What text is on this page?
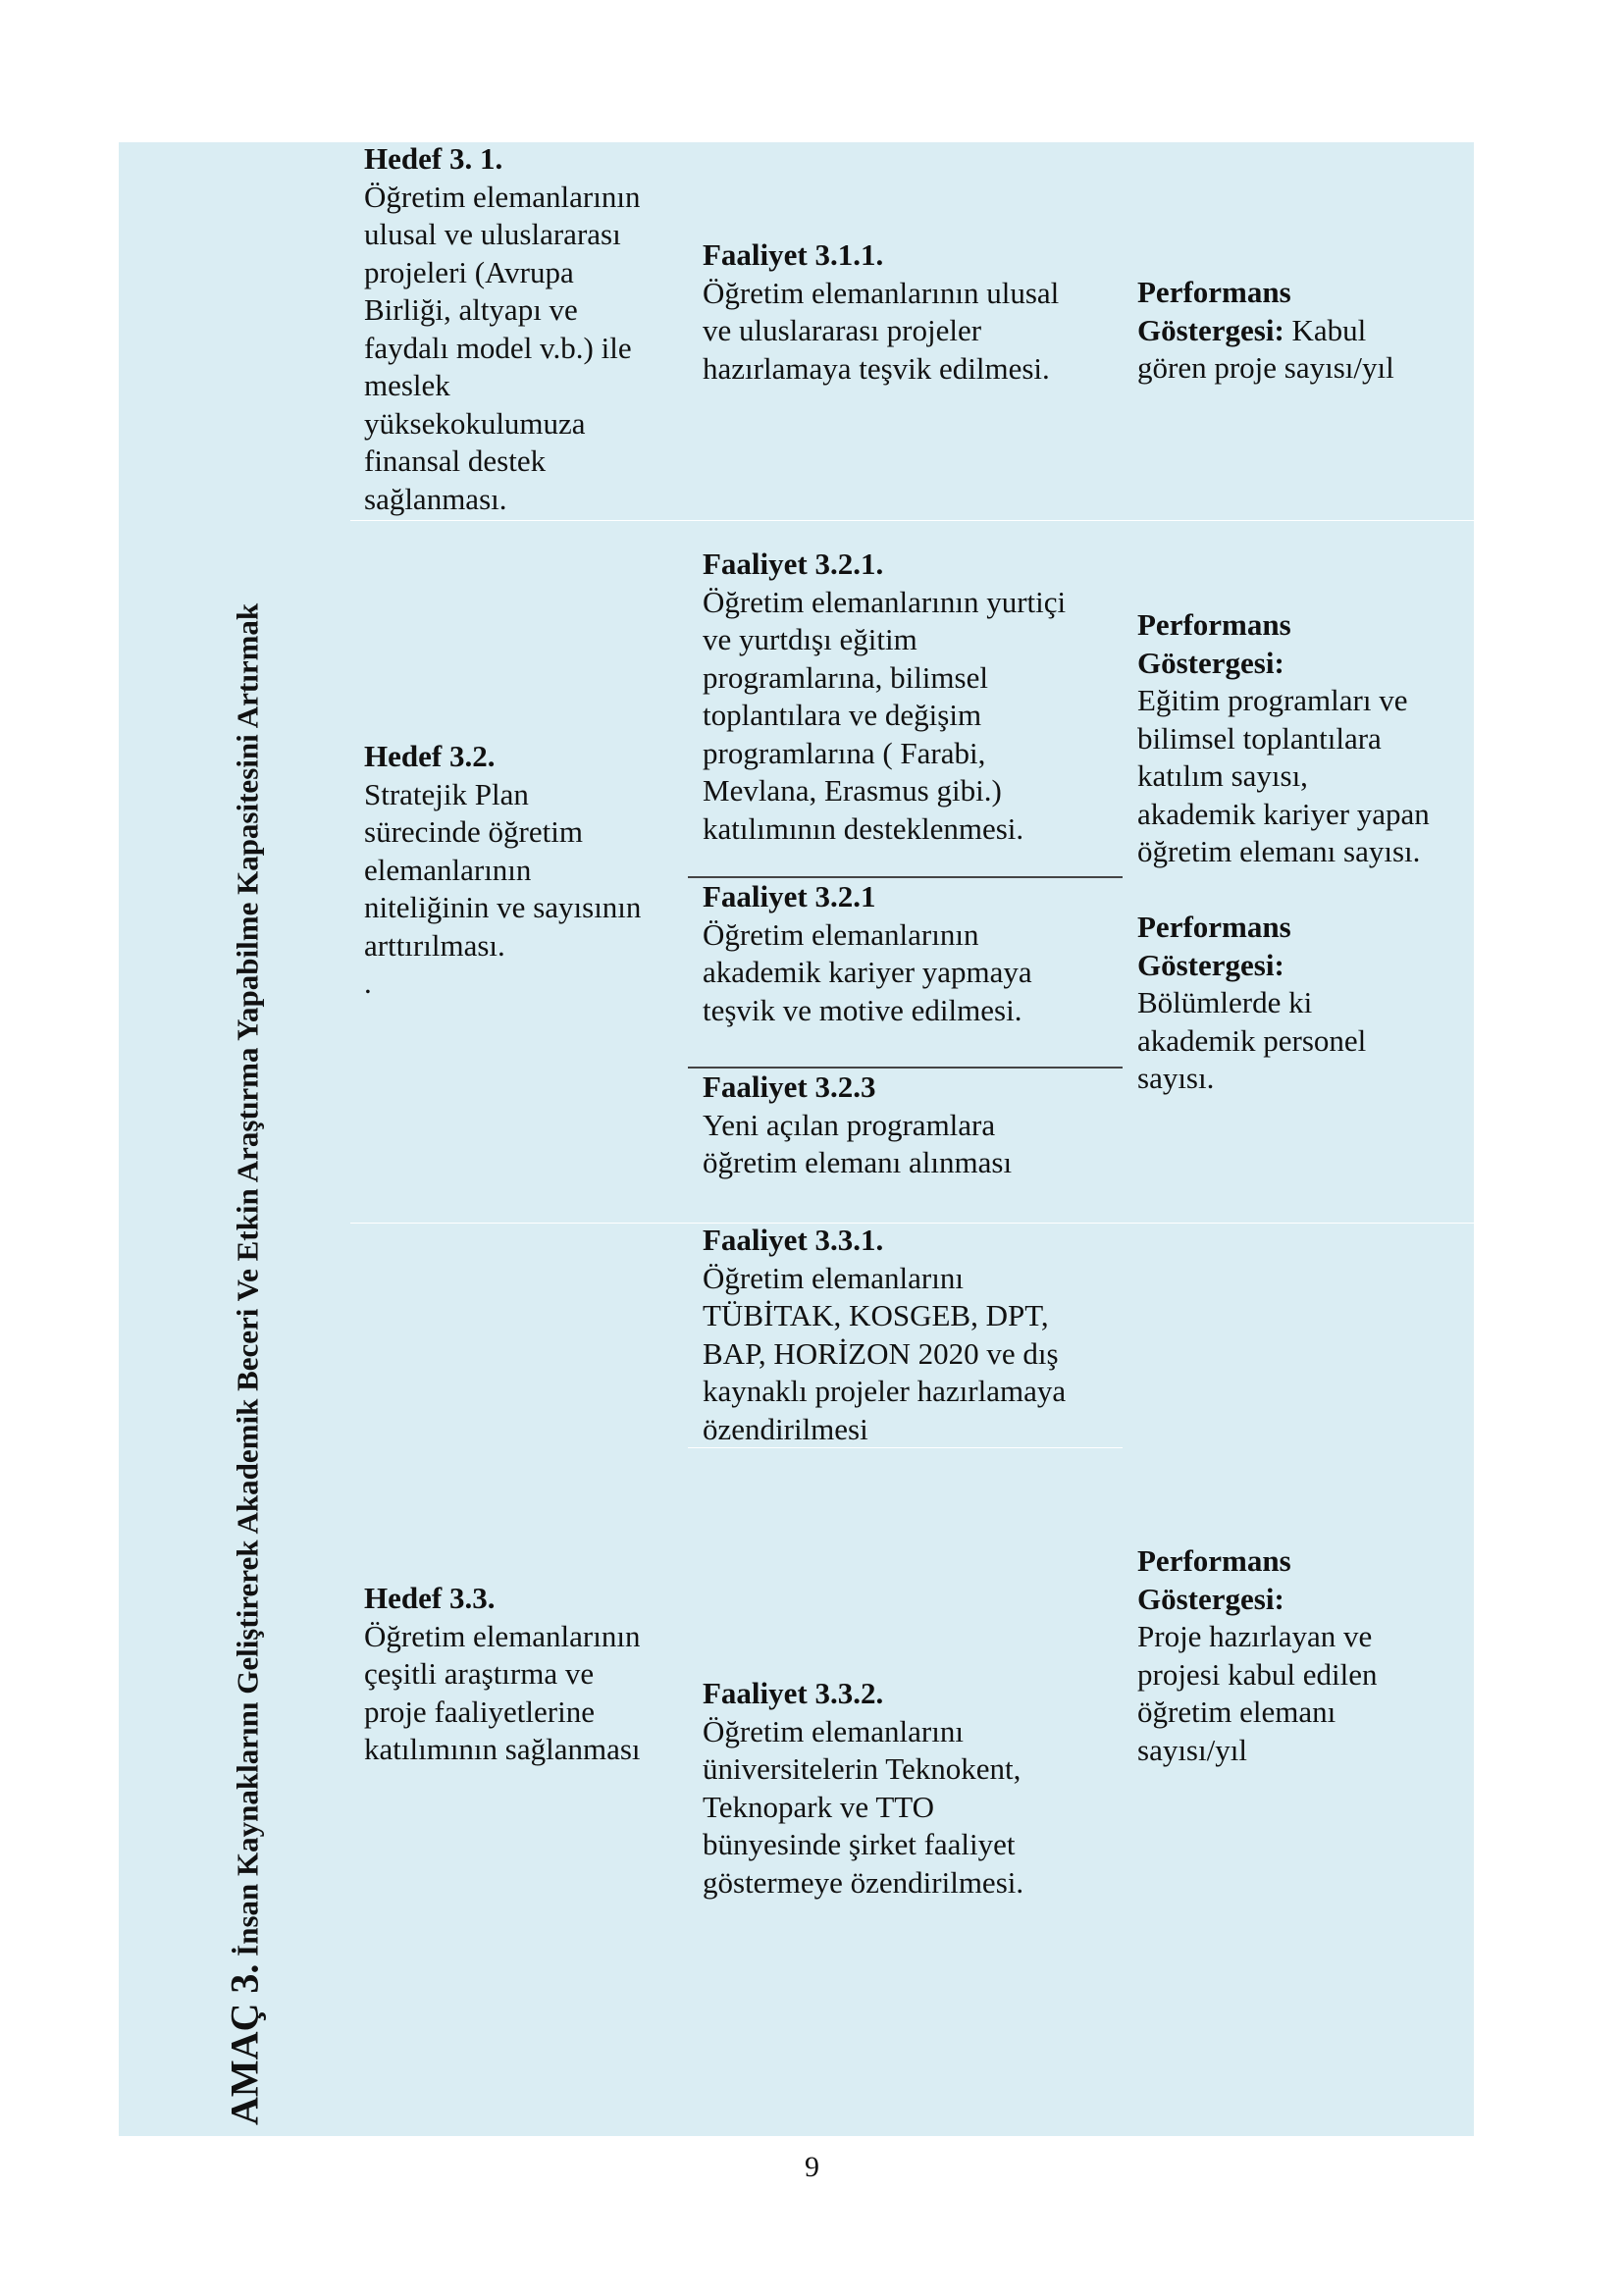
AMAÇ 3. İnsan Kaynaklarını Geliştirerek Akademik Beceri Ve Etkin Araştırma Yapabilme Kapasitesini Artırmak
Hedef 3. 1.
Öğretim elemanlarının
ulusal ve uluslararası
projeleri (Avrupa
Birliği, altyapı ve
faydalı model v.b.) ile
meslek
yüksekokulumuza
finansal destek
sağlanması.
Hedef 3.2.
Stratejik Plan
sürecinde öğretim
elemanlarının
niteliğinin ve sayısının
arttırılması.
.
Hedef 3.3.
Öğretim elemanlarının
çeşitli araştırma ve
proje faaliyetlerine
katılımının sağlanması
Faaliyet 3.1.1.
Öğretim elemanlarının ulusal
ve uluslararası projeler
hazırlamaya teşvik edilmesi.
Faaliyet 3.2.1.
Öğretim elemanlarının yurtiçi
ve yurtdışı eğitim
programlarına, bilimsel
toplantılara ve değişim
programlarına ( Farabi,
Mevlana, Erasmus gibi.)
katılımının desteklenmesi.
Faaliyet 3.2.1
Öğretim elemanlarının
akademik kariyer yapmaya
teşvik ve motive edilmesi.
Faaliyet 3.2.3
Yeni açılan programlara
öğretim elemanı alınması
Faaliyet 3.3.1.
Öğretim elemanlarını
TÜBİTAK, KOSGEB, DPT,
BAP, HORİZON 2020 ve dış
kaynaklı projeler hazırlamaya
özendirilmesi
Faaliyet 3.3.2.
Öğretim elemanlarını
üniversitelerin Teknokent,
Teknopark ve TTO
bünyesinde şirket faaliyet
göstermeye özendirilmesi.
Performans
Göstergesi: Kabul
gören proje sayısı/yıl
Performans
Göstergesi:
Eğitim programları ve
bilimsel toplantılara
katılım sayısı,
akademik kariyer yapan
öğretim elemanı sayısı.
Performans
Göstergesi:
Bölümlerde ki
akademik personel
sayısı.
Performans
Göstergesi:
Proje hazırlayan ve
projesi kabul edilen
öğretim elemanı
sayısı/yıl
9
